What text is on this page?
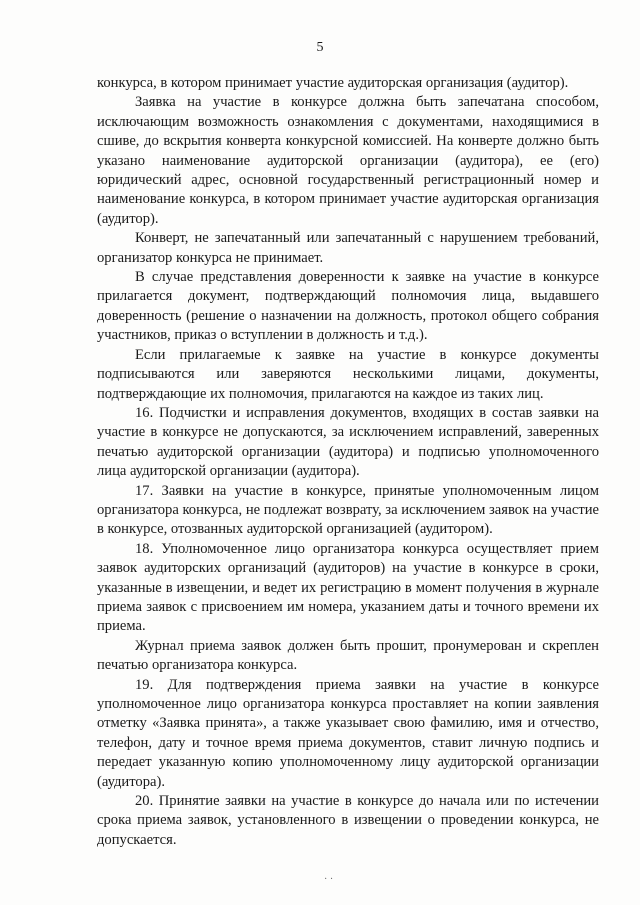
5

конкурса, в котором принимает участие аудиторская организация (аудитор).

Заявка на участие в конкурсе должна быть запечатана способом, исключающим возможность ознакомления с документами, находящимися в сшиве, до вскрытия конверта конкурсной комиссией. На конверте должно быть указано наименование аудиторской организации (аудитора), ее (его) юридический адрес, основной государственный регистрационный номер и наименование конкурса, в котором принимает участие аудиторская организация (аудитор).

Конверт, не запечатанный или запечатанный с нарушением требований, организатор конкурса не принимает.

В случае представления доверенности к заявке на участие в конкурсе прилагается документ, подтверждающий полномочия лица, выдавшего доверенность (решение о назначении на должность, протокол общего собрания участников, приказ о вступлении в должность и т.д.).

Если прилагаемые к заявке на участие в конкурсе документы подписываются или заверяются несколькими лицами, документы, подтверждающие их полномочия, прилагаются на каждое из таких лиц.

16. Подчистки и исправления документов, входящих в состав заявки на участие в конкурсе не допускаются, за исключением исправлений, заверенных печатью аудиторской организации (аудитора) и подписью уполномоченного лица аудиторской организации (аудитора).

17. Заявки на участие в конкурсе, принятые уполномоченным лицом организатора конкурса, не подлежат возврату, за исключением заявок на участие в конкурсе, отозванных аудиторской организацией (аудитором).

18. Уполномоченное лицо организатора конкурса осуществляет прием заявок аудиторских организаций (аудиторов) на участие в конкурсе в сроки, указанные в извещении, и ведет их регистрацию в момент получения в журнале приема заявок с присвоением им номера, указанием даты и точного времени их приема.

Журнал приема заявок должен быть прошит, пронумерован и скреплен печатью организатора конкурса.

19. Для подтверждения приема заявки на участие в конкурсе уполномоченное лицо организатора конкурса проставляет на копии заявления отметку «Заявка принята», а также указывает свою фамилию, имя и отчество, телефон, дату и точное время приема документов, ставит личную подпись и передает указанную копию уполномоченному лицу аудиторской организации (аудитора).

20. Принятие заявки на участие в конкурсе до начала или по истечении срока приема заявок, установленного в извещении о проведении конкурса, не допускается.

· ·
